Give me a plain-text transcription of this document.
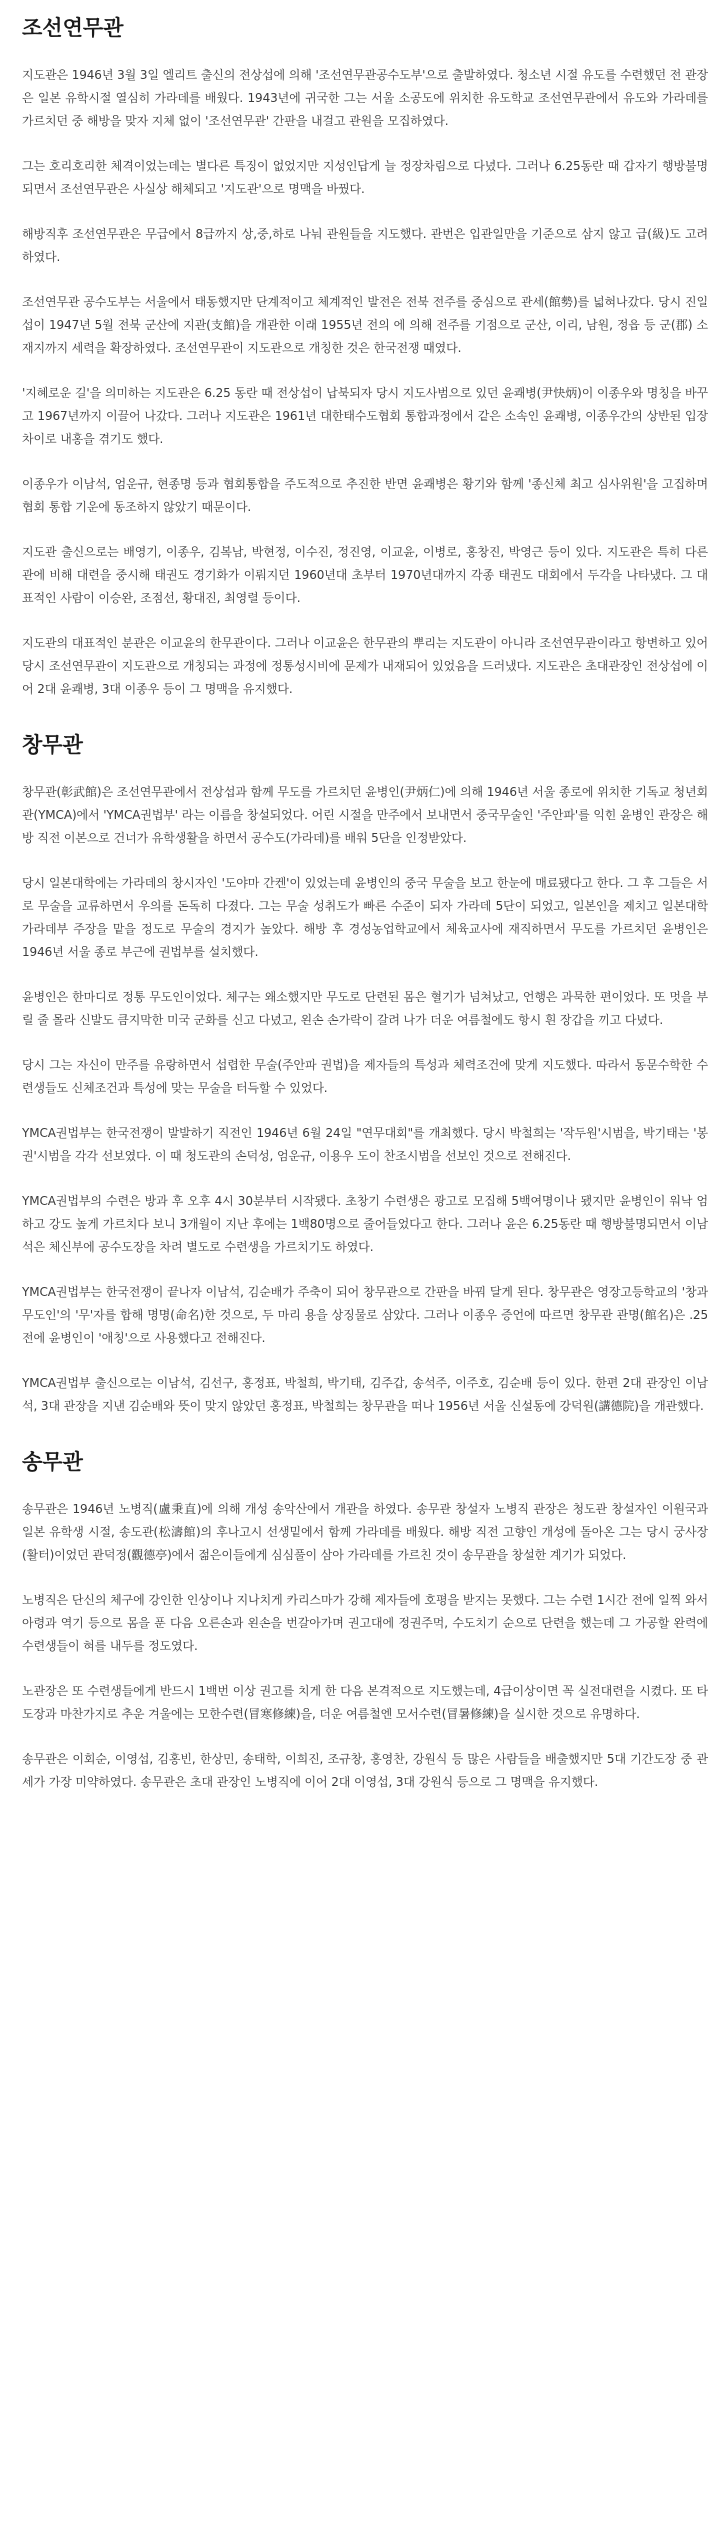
조선연무관

지도관은 1946년 3월 3일 엘리트 출신의 전상섭에 의해 '조선연무관공수도부'으로 출발하였다. 청소년 시절 유도를 수련했던 전 관장은 일본 유학시절 열심히 가라데를 배웠다. 1943년에 귀국한 그는 서울 소공도에 위치한 유도학교 조선연무관에서 유도와 가라데를 가르치던 중 해방을 맞자 지체 없이 '조선연무관' 간판을 내걸고 관원을 모집하였다.

그는 호리호리한 체격이었는데는 별다른 특징이 없었지만 지성인답게 늘 정장차림으로 다녔다. 그러나 6.25동란 때 갑자기 행방불명 되면서 조선연무관은 사실상 해체되고 '지도관'으로 명맥을 바꿨다.

해방직후 조선연무관은 무급에서 8급까지 상,중,하로 나눠 관원들을 지도했다. 관번은 입관일만을 기준으로 삼지 않고 급(級)도 고려하였다.

조선연무관 공수도부는 서울에서 태동했지만 단계적이고 체계적인 발전은 전북 전주를 중심으로 관세(館勢)를 넓혀나갔다. 당시 진일섭이 1947년 5월 전북 군산에 지관(支館)을 개관한 이래 1955년 전의 에 의해 전주를 기점으로 군산, 이리, 남원, 정읍 등 군(郡) 소재지까지 세력을 확장하였다. 조선연무관이 지도관으로 개칭한 것은 한국전쟁 때였다.

'지혜로운 길'을 의미하는 지도관은 6.25 동란 때 전상섭이 납북되자 당시 지도사범으로 있던 윤쾌병(尹快炳)이 이종우와 명칭을 바꾸고 1967년까지 이끌어 나갔다. 그러나 지도관은 1961년 대한태수도협회 통합과정에서 같은 소속인 윤쾌병, 이종우간의 상반된 입장차이로 내홍을 겪기도 했다.

이종우가 이남석, 엄운규, 현종명 등과 협회통합을 주도적으로 추진한 반면 윤쾌병은 황기와 함께 '종신체 최고 심사위원'을 고집하며 협회 통합 기운에 동조하지 않았기 때문이다.

지도관 출신으로는 배영기, 이종우, 김복남, 박현정, 이수진, 정진영, 이교윤, 이병로, 홍창진, 박영근 등이 있다. 지도관은 특히 다른 관에 비해 대련을 중시해 태권도 경기화가 이뤄지던 1960년대 초부터 1970년대까지 각종 태권도 대회에서 두각을 나타냈다. 그 대표적인 사람이 이승완, 조점선, 황대진, 최영렬 등이다.

지도관의 대표적인 분관은 이교윤의 한무관이다. 그러나 이교윤은 한무관의 뿌리는 지도관이 아니라 조선연무관이라고 항변하고 있어 당시 조선연무관이 지도관으로 개칭되는 과정에 정통성시비에 문제가 내재되어 있었음을 드러냈다. 지도관은 초대관장인 전상섭에 이어 2대 윤쾌병, 3대 이종우 등이 그 명맥을 유지했다.

창무관

창무관(彰武館)은 조선연무관에서 전상섭과 함께 무도를 가르치던 윤병인(尹炳仁)에 의해 1946년 서울 종로에 위치한 기독교 청년회관(YMCA)에서 'YMCA권법부' 라는 이름을 창설되었다. 어린 시절을 만주에서 보내면서 중국무술인 '주안파'를 익힌 윤병인 관장은 해방 직전 이본으로 건너가 유학생활을 하면서 공수도(가라데)를 배워 5단을 인정받았다.

당시 일본대학에는 가라데의 창시자인 '도야마 간켄'이 있었는데 윤병인의 중국 무술을 보고 한눈에 매료됐다고 한다. 그 후 그들은 서로 무술을 교류하면서 우의를 돈독히 다졌다. 그는 무술 성취도가 빠른 수준이 되자 가라데 5단이 되었고, 일본인을 제치고 일본대학 가라데부 주장을 맡을 정도로 무술의 경지가 높았다. 해방 후 경성농업학교에서 체육교사에 재직하면서 무도를 가르치던 윤병인은 1946년 서울 종로 부근에 권법부를 설치했다.

윤병인은 한마디로 정통 무도인이었다. 체구는 왜소했지만 무도로 단련된 몸은 혈기가 넘쳐났고, 언행은 과묵한 편이었다. 또 멋을 부릴 줄 몰라 신발도 큼지막한 미국 군화를 신고 다녔고, 왼손 손가락이 갈려 나가 더운 여름철에도 항시 흰 장갑을 끼고 다녔다.

당시 그는 자신이 만주를 유랑하면서 섭렵한 무술(주안파 권법)을 제자들의 특성과 체력조건에 맞게 지도했다. 따라서 동문수학한 수련생들도 신체조건과 특성에 맞는 무술을 터득할 수 있었다.

YMCA권법부는 한국전쟁이 발발하기 직전인 1946년 6월 24일 "연무대회"를 개최했다. 당시 박철희는 '작두원'시범을, 박기태는 '봉권'시범을 각각 선보였다. 이 때 청도관의 손덕성, 엄운규, 이용우 도이 찬조시범을 선보인 것으로 전해진다.

YMCA권법부의 수련은 방과 후 오후 4시 30분부터 시작됐다. 초창기 수련생은 광고로 모집해 5백여명이나 됐지만 윤병인이 워낙 엄하고 강도 높게 가르치다 보니 3개월이 지난 후에는 1백80명으로 줄어들었다고 한다. 그러나 윤은 6.25동란 때 행방불명되면서 이남석은 체신부에 공수도장을 차려 별도로 수련생을 가르치기도 하였다.

YMCA권법부는 한국전쟁이 끝나자 이남석, 김순배가 주축이 되어 창무관으로 간판을 바꿔 달게 된다. 창무관은 영장고등학교의 '창과 무도인'의 '무'자를 합해 명명(命名)한 것으로, 두 마리 용을 상징물로 삼았다. 그러나 이종우 증언에 따르면 창무관 관명(館名)은 .25전에 윤병인이 '애칭'으로 사용했다고 전해진다.

YMCA권법부 출신으로는 이남석, 김선구, 홍정표, 박철희, 박기태, 김주갑, 송석주, 이주호, 김순배 등이 있다. 한편 2대 관장인 이남석, 3대 관장을 지낸 김순배와 뜻이 맞지 않았던 홍정표, 박철희는 창무관을 떠나 1956년 서울 신설동에 강덕원(講德院)을 개관했다.

송무관

송무관은 1946년 노병직(盧秉直)에 의해 개성 송악산에서 개관을 하였다. 송무관 창설자 노병직 관장은 청도관 창설자인 이원국과 일본 유학생 시절, 송도관(松濤館)의 후나고시 선생밑에서 함께 가라데를 배웠다. 해방 직전 고향인 개성에 돌아온 그는 당시 궁사장(활터)이었던 관덕정(觀德亭)에서 젊은이들에게 심심풀이 삼아 가라데를 가르친 것이 송무관을 창설한 계기가 되었다.

노병직은 단신의 체구에 강인한 인상이나 지나치게 카리스마가 강해 제자들에 호평을 받지는 못했다. 그는 수련 1시간 전에 일찍 와서 아령과 역기 등으로 몸을 푼 다음 오른손과 왼손을 번갈아가며 권고대에 정권주먹, 수도치기 순으로 단련을 했는데 그 가공할 완력에 수련생들이 혀를 내두를 정도였다.

노관장은 또 수련생들에게 반드시 1백번 이상 권고를 치게 한 다음 본격적으로 지도했는데, 4급이상이면 꼭 실전대련을 시켰다. 또 타 도장과 마찬가지로 추운 겨울에는 모한수련(冒寒修練)을, 더운 여름철엔 모서수련(冒暑修練)을 실시한 것으로 유명하다.

송무관은 이회순, 이영섭, 김홍빈, 한상민, 송태학, 이희진, 조규창, 홍영찬, 강원식 등 많은 사람들을 배출했지만 5대 기간도장 중 관세가 가장 미약하였다. 송무관은 초대 관장인 노병직에 이어 2대 이영섭, 3대 강원식 등으로 그 명맥을 유지했다.
